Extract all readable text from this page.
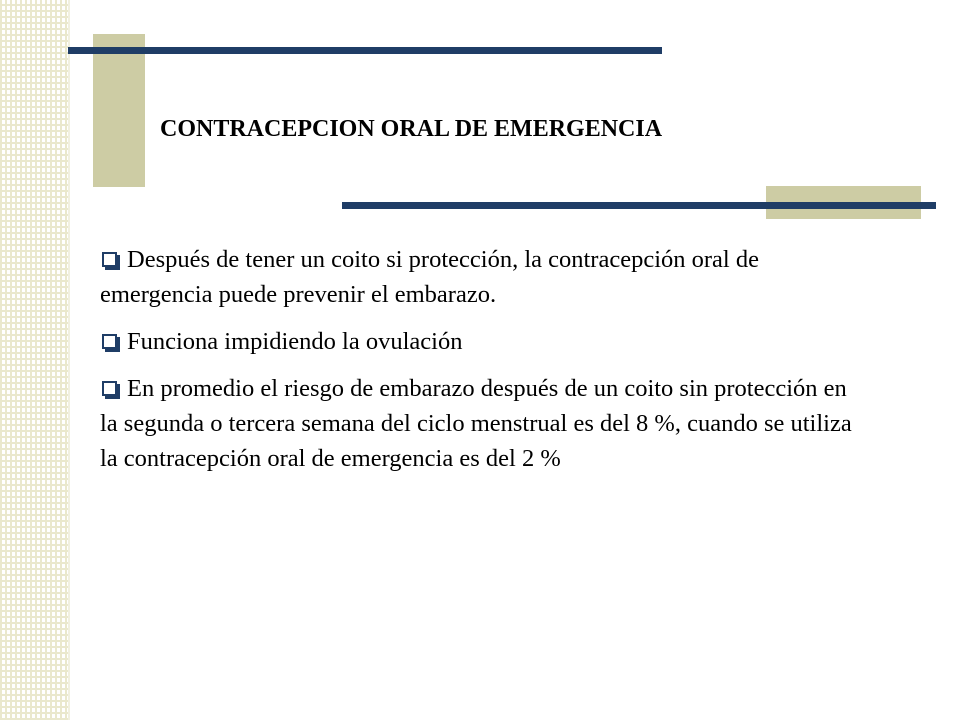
CONTRACEPCION ORAL DE EMERGENCIA
Después de tener un coito si protección, la contracepción oral de emergencia puede prevenir el embarazo.
Funciona impidiendo la ovulación
En promedio el riesgo de embarazo después de un coito sin protección en la segunda o tercera semana del ciclo menstrual es del 8 %, cuando se utiliza la contracepción oral de emergencia es del 2 %
